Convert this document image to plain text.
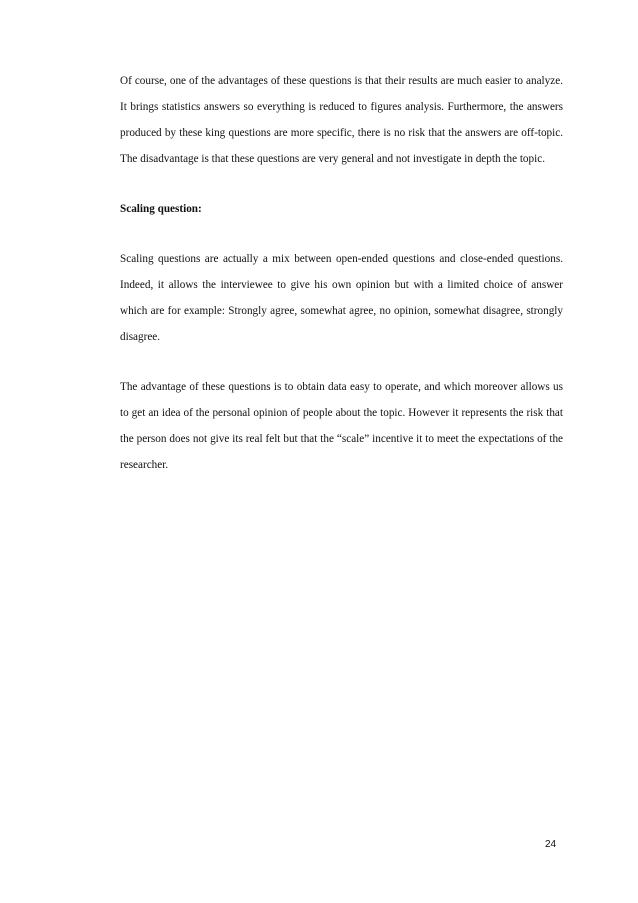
Of course, one of the advantages of these questions is that their results are much easier to analyze. It brings statistics answers so everything is reduced to figures analysis. Furthermore, the answers produced by these king questions are more specific, there is no risk that the answers are off-topic. The disadvantage is that these questions are very general and not investigate in depth the topic.

Scaling question:

Scaling questions are actually a mix between open-ended questions and close-ended questions. Indeed, it allows the interviewee to give his own opinion but with a limited choice of answer which are for example: Strongly agree, somewhat agree, no opinion, somewhat disagree, strongly disagree.

The advantage of these questions is to obtain data easy to operate, and which moreover allows us to get an idea of the personal opinion of people about the topic. However it represents the risk that the person does not give its real felt but that the “scale” incentive it to meet the expectations of the researcher.

24
